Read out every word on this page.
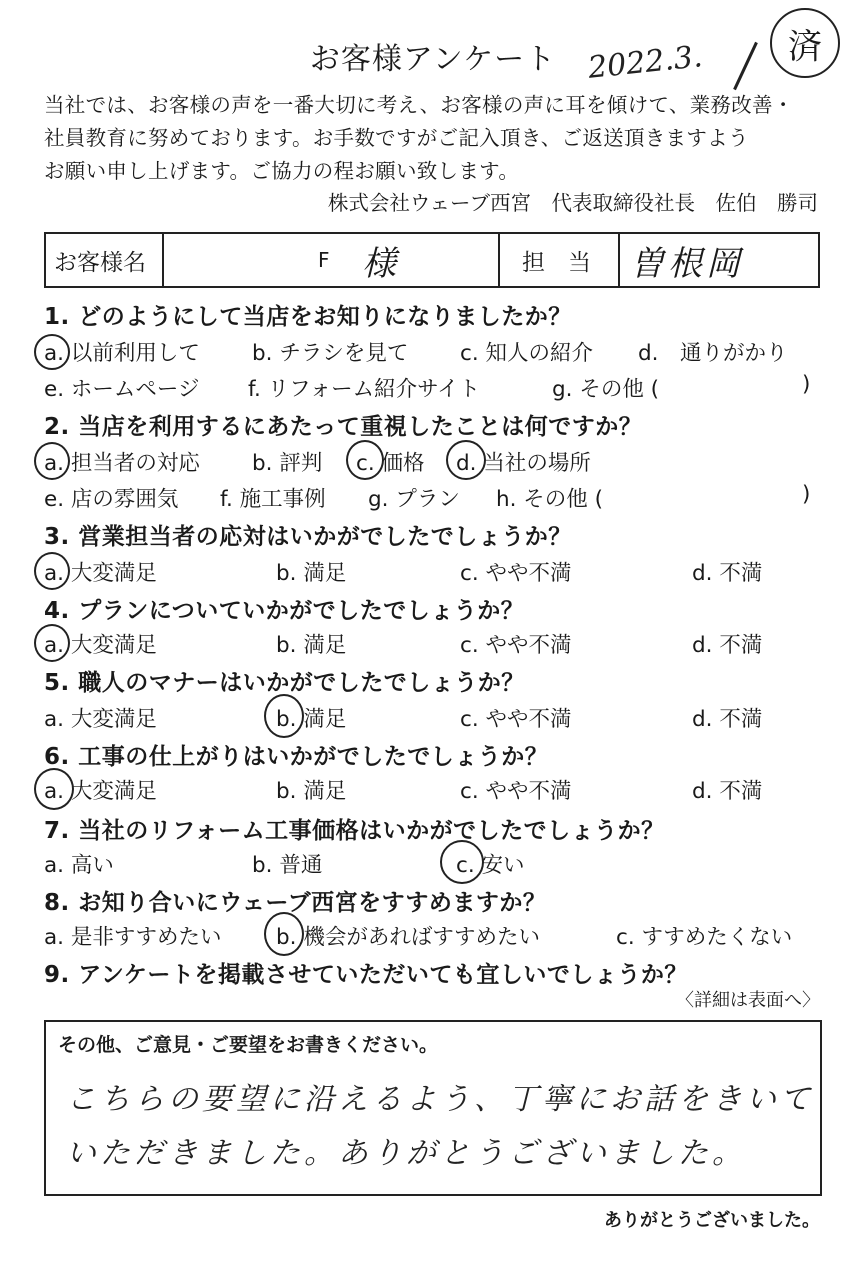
お客様アンケート	2022.3.	済
当社では、お客様の声を一番大切に考え、お客様の声に耳を傾けて、業務改善・
社員教育に努めております。お手数ですがご記入頂き、ご返送頂きますよう
お願い申し上げます。ご協力の程お願い致します。
株式会社ウェーブ西宮　代表取締役社長　佐伯　勝司
お客様名	F 様	担　当 曽根岡
1. どのようにして当店をお知りになりましたか？
a. 以前利用して b. チラシを見て c. 知人の紹介 d.　通りがかり
e. ホームページ f. リフォーム紹介サイト	g. その他 (	)
2. 当店を利用するにあたって重視したことは何ですか？
a. 担当者の対応 b. 評判 c. 価格 d. 当社の場所
e. 店の雰囲気 f. 施工事例 g. プラン h. その他 (	)
3. 営業担当者の応対はいかがでしたでしょうか？
a. 大変満足	b. 満足	c. やや不満	d. 不満
4. プランについていかがでしたでしょうか？
a. 大変満足	b. 満足	c. やや不満	d. 不満
5. 職人のマナーはいかがでしたでしょうか？
a. 大変満足	b. 満足	c. やや不満	d. 不満
6. 工事の仕上がりはいかがでしたでしょうか？
a. 大変満足	b. 満足	c. やや不満	d. 不満
7. 当社のリフォーム工事価格はいかがでしたでしょうか？
a. 高い	b. 普通	c. 安い
8. お知り合いにウェーブ西宮をすすめますか？
a. 是非すすめたい	b. 機会があればすすめたい	c. すすめたくない
9. アンケートを掲載させていただいても宜しいでしょうか？
〈詳細は表面へ〉
その他、ご意見・ご要望をお書きください。
こちらの要望に沿えるよう、丁寧にお話をきいて
いただきました。ありがとうございました。
ありがとうございました。
